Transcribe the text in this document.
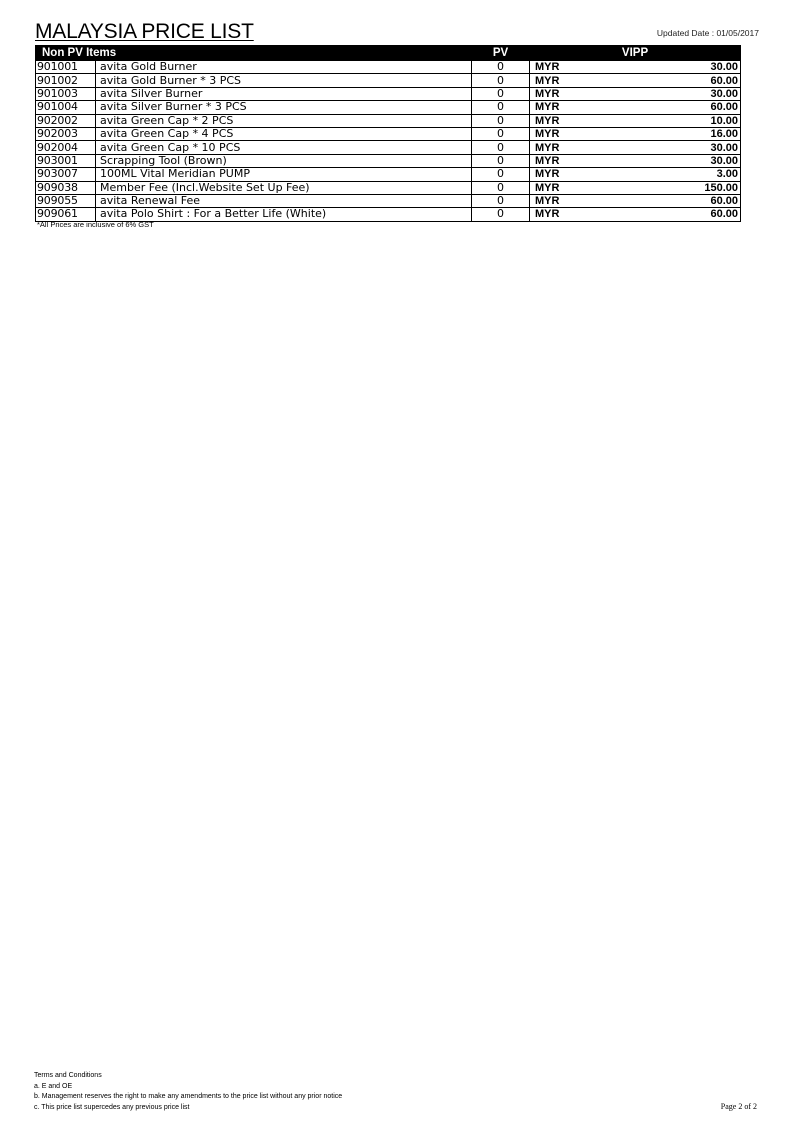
MALAYSIA PRICE LIST	Updated Date : 01/05/2017
Non PV Items		PV	VIPP	
901001	avita Gold Burner	0	MYR	30.00
901002	avita Gold Burner * 3 PCS	0	MYR	60.00
901003	avita Silver Burner	0	MYR	30.00
901004	avita Silver Burner * 3 PCS	0	MYR	60.00
902002	avita Green Cap * 2 PCS	0	MYR	10.00
902003	avita Green Cap * 4 PCS	0	MYR	16.00
902004	avita Green Cap * 10 PCS	0	MYR	30.00
903001	Scrapping Tool (Brown)	0	MYR	30.00
903007	100ML Vital Meridian PUMP	0	MYR	3.00
909038	Member Fee (Incl.Website Set Up Fee)	0	MYR	150.00
909055	avita Renewal Fee	0	MYR	60.00
909061	avita Polo Shirt : For a Better Life (White)	0	MYR	60.00
*All Prices are inclusive of 6% GST
Terms and Conditions
a. E and OE
b. Management reserves the right to make any amendments to the price list without any prior notice
c. This price list supercedes any previous price list	Page 2 of 2
